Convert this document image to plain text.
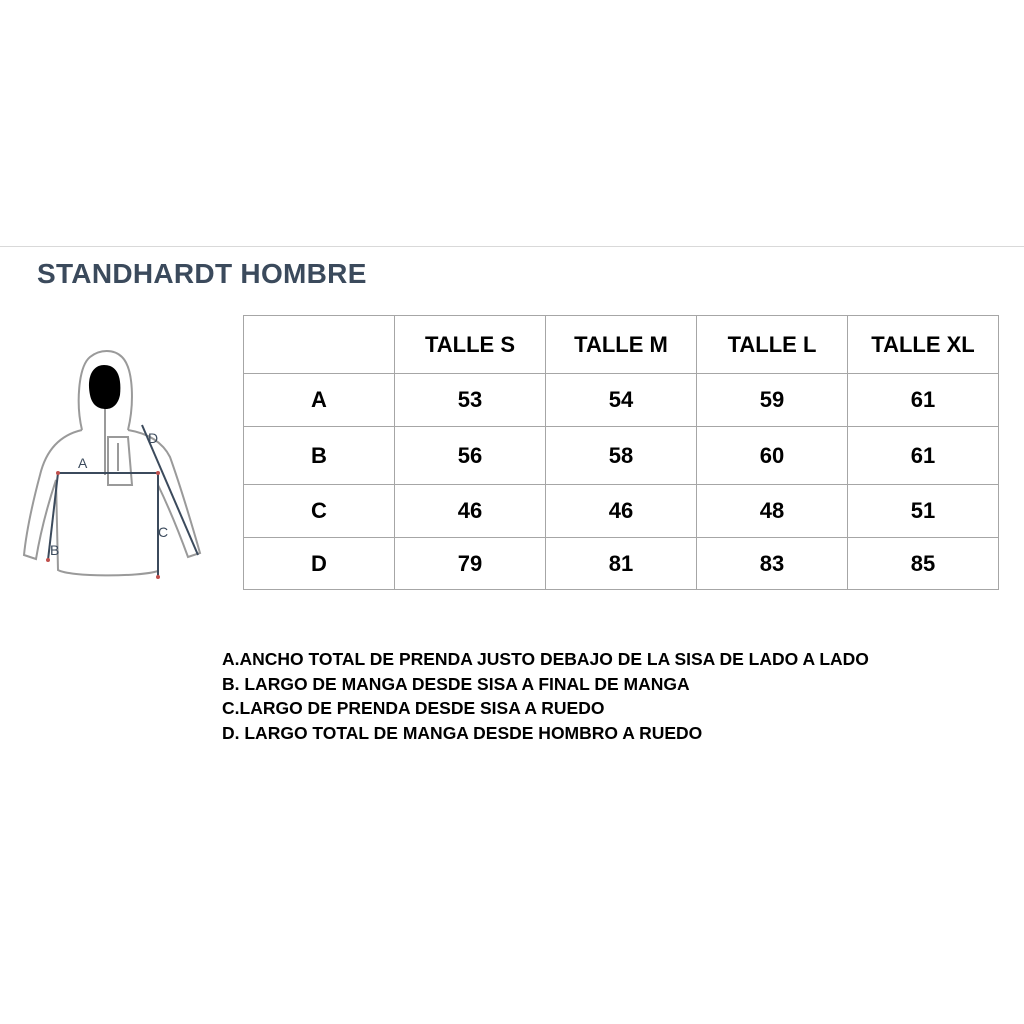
STANDHARDT HOMBRE
A
B
C
D
	TALLE S	TALLE M	TALLE L	TALLE XL
A	53	54	59	61
B	56	58	60	61
C	46	46	48	51
D	79	81	83	85
A.ANCHO TOTAL DE PRENDA JUSTO DEBAJO DE LA SISA DE LADO A LADO
B. LARGO DE MANGA DESDE SISA A FINAL DE MANGA
C.LARGO DE PRENDA DESDE SISA A RUEDO
D. LARGO TOTAL DE MANGA DESDE HOMBRO A RUEDO
